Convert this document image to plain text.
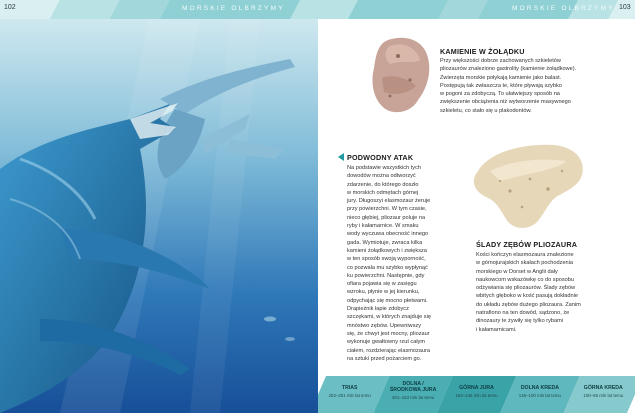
102	MORSKIE OLBRZYMY	MORSKIE OLBRZYMY 103
KAMIENIE W ŻOŁĄDKU
Przy większości dobrze zachowanych szkieletów
pliozaurów znaleziono gastrolity (kamienie żołądkowe).
Zwierzęta morskie połykają kamienie jako balast.
Postępują tak zwłaszcza te, które pływają szybko
w pogoni za zdobyczą. To ułatwiejszy sposób na
zwiększenie obciążenia niż wytworzenie masywnego
szkieletu, co stało się u plakodontów.
PODWODNY ATAK
Na podstawie wszystkich tych
dowodów można odtworzyć
zdarzenie, do którego doszło
w morskich odmętach górnej
jury. Długoszyi elasmozaur żeruje
przy powierzchni. W tym czasie,
nieco głębiej, pliozaur poluje na
ryby i kałamarnice. W smaku
wody wyczuwa obecność innego
gada. Wymiotuje, zwraca kilka
kamieni żołądkowych i zwiększa
w ten sposób swoją wyporność,
co pozwala mu szybko wypłynąć
ku powierzchni. Następnie, gdy
ofiara pojawia się w zasięgu
wzroku, płynie w jej kierunku,
odpychając się mocno płetwami.
Drapieżnik łapie zdobycz
szczękami, w których znajduje się
mnóstwo zębów. Upewniwszy
się, że chwyt jest mocny, pliozaur
wykonuje gwałtowny rzut całym
ciałem, rozdzierając elasmozaura
na sztuki przed pożarciem go.
ŚLADY ZĘBÓW PLIOZAURA
Kości kończyn elasmozaura znalezione
w górnojurajskich skałach pochodzenia
morskiego w Dorset w Anglii dały
naukowcom wskazówkę co do sposobu
odżywiania się pliozaurów. Ślady zębów
wbitych głęboko w kość pasują dokładnie
do układu zębów dużego pliozaura. Zanim
natrafiono na ten dowód, sądzono, że
dinozaury te żywiły się tylko rybami
i kałamarnicami.
TRIAS
252–201 mln lat temu
DOLNA / ŚRODKOWA JURA
201–163 mln lat temu
GÓRNA JURA
163–146 mln lat temu
DOLNA KREDA
145–100 mln lat temu
GÓRNA KREDA
100–66 mln lat temu
